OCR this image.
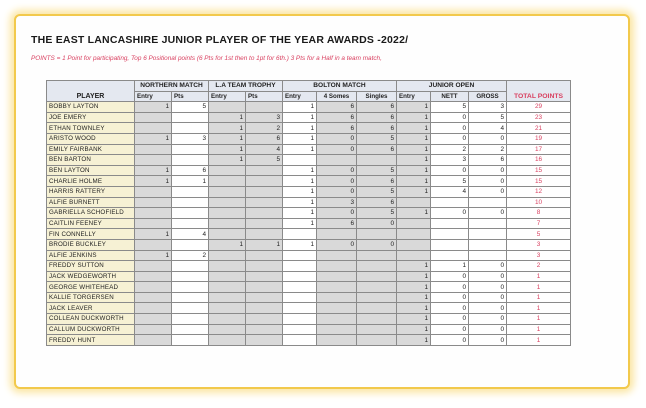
THE EAST LANCASHIRE JUNIOR PLAYER OF THE YEAR AWARDS -2022/
POINTS = 1 Point for participating, Top 6 Positional points (6 Pts for 1st then to 1pt for 6th.) 3 Pts for a Half in a team match,
PLAYER	NORTHERN MATCH		L.A TEAM TROPHY		BOLTON MATCH			JUNIOR OPEN			TOTAL POINTS
	Entry	Pts	Entry	Pts	Entry	4 Somes	Singles	Entry	NETT	GROSS	
BOBBY LAYTON	1	5			1	6	6	1	5	3	29
JOE EMERY			1	3	1	6	6	1	0	5	23
ETHAN TOWNLEY			1	2	1	6	6	1	0	4	21
ARISTO WOOD	1	3	1	6	1	0	5	1	0	0	19
EMILY FAIRBANK			1	4	1	0	6	1	2	2	17
BEN BARTON			1	5				1	3	6	16
BEN LAYTON	1	6			1	0	5	1	0	0	15
CHARLIE HOLME	1	1			1	0	6	1	5	0	15
HARRIS RATTERY					1	0	5	1	4	0	12
ALFIE BURNETT					1	3	6				10
GABRIELLA SCHOFIELD					1	0	5	1	0	0	8
CAITLIN FEENEY					1	6	0				7
FIN CONNELLY	1	4									5
BRODIE BUCKLEY			1	1	1	0	0				3
ALFIE JENKINS	1	2									3
FREDDY SUTTON								1	1	0	2
JACK WEDGEWORTH								1	0	0	1
GEORGE WHITEHEAD								1	0	0	1
KALLIE TORGERSEN								1	0	0	1
JACK LEAVER								1	0	0	1
COLLEAN DUCKWORTH								1	0	0	1
CALLUM DUCKWORTH								1	0	0	1
FREDDY HUNT								1	0	0	1
